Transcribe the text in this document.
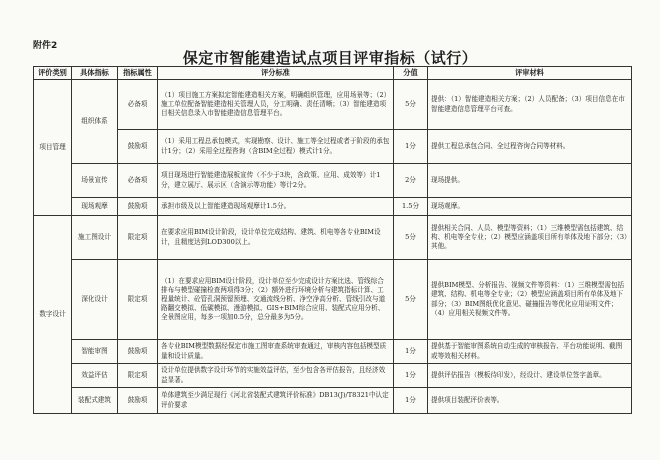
附件2
保定市智能建造试点项目评审指标（试行）
评价类别	具体指标	指标属性	评分标准	分值	评审材料
项目管理	组织体系	必备项	（1）项目施工方案拟定智能建造相关方案，明确组织管理，应用场景等；（2）施工单位配备智能建造相关管理人员，分工明确、责任清晰；（3）智能建造项目相关信息录入市智能建造信息管理平台。	5分	提供：（1）智能建造相关方案；（2）人员配备；（3）项目信息在市智能建造信息管理平台可查。
		鼓励项	（1）采用工程总承包模式，实现勘察、设计、施工等全过程或者于阶段的承包计1分；（2）采用全过程咨询（含BIM全过程）模式计1分。	1分	提供工程总承包合同、全过程咨询合同等材料。
	场景宣传	必备项	项目现场进行智能建造展板宣传（不少于3块，含政策、应用、成效等）计1分，建立展厅、展示区（含演示等功能）等计2分。	2分	现场提供。
	现场观摩	鼓励项	承担市级及以上智能建造现场观摩计1.5分。	1.5分	现场观摩。
数字设计	施工图设计	限定项	在要求应用BIM设计阶段，设计单位完成结构、建筑、机电等各专业BIM设计，且精度达到LOD300以上。	5分	提供相关合同、人员、模型等资料；（1）三维模型需包括建筑、结构、机电等全专业；（2）模型应涵盖项目所有单体及地下部分；（3）其他。
	深化设计	限定项	（1）在要求应用BIM设计阶段，设计单位至少完成设计方案比选、管线综合排布与模型碰撞检查两项得3分；（2）额外进行环境分析与建筑指标计算、工程量统计、砼管孔洞预留预埋、交通流线分析、净空净高分析、管线引改与道路翻交模拟、低碳模拟、漫游模拟、GIS+BIM综合应用、装配式应用分析、全景图应用，每多一项加0.5分，总分最多为5分。	5分	提供BIM模型、分析报告、视频文件等资料：（1）三维模型需包括建筑、结构、机电等全专业；（2）模型应涵盖项目所有单体及地下部分；（3）BIM图纸优化意见、碰撞报告等优化应用证明文件；（4）应用相关视频文件等。
	智能审图	鼓励项	各专业BIM模型数据经保定市施工图审查系统审查通过，审核内容包括模型质量和设计质量。	1分	提供基于智能审图系统自动生成的审核报告、平台功能说明、截图或等效相关材料。
	效益评估	限定项	设计单位提供数字设计环节的实施效益评估，至少包含各评估报告，且经济效益显著。	1分	提供评估报告（模板待印发），经设计、建设单位签字盖章。
	装配式建筑	鼓励项	单体建筑至少满足现行《河北省装配式建筑评价标准》DB13(J)/T8321中认定评价要求	1分	提供项目装配评价表等。
